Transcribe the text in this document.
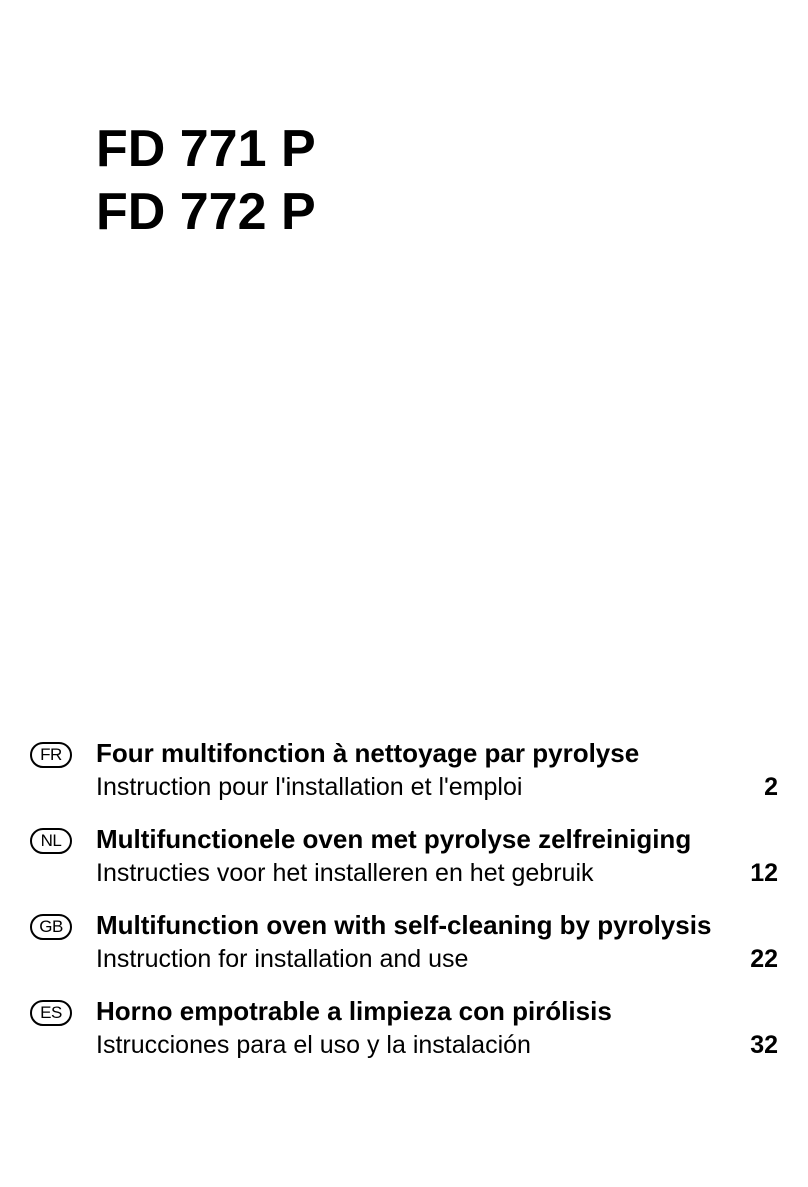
FD 771 P
FD 772 P
FR	Four multifonction à nettoyage par pyrolyse
Instruction pour l'installation et l'emploi	2
NL	Multifunctionele oven met pyrolyse zelfreiniging
Instructies voor het installeren en het gebruik	12
GB	Multifunction oven with self-cleaning by pyrolysis
Instruction for installation and use	22
ES	Horno empotrable a limpieza con pirólisis
Istrucciones para el uso y la instalación	32
